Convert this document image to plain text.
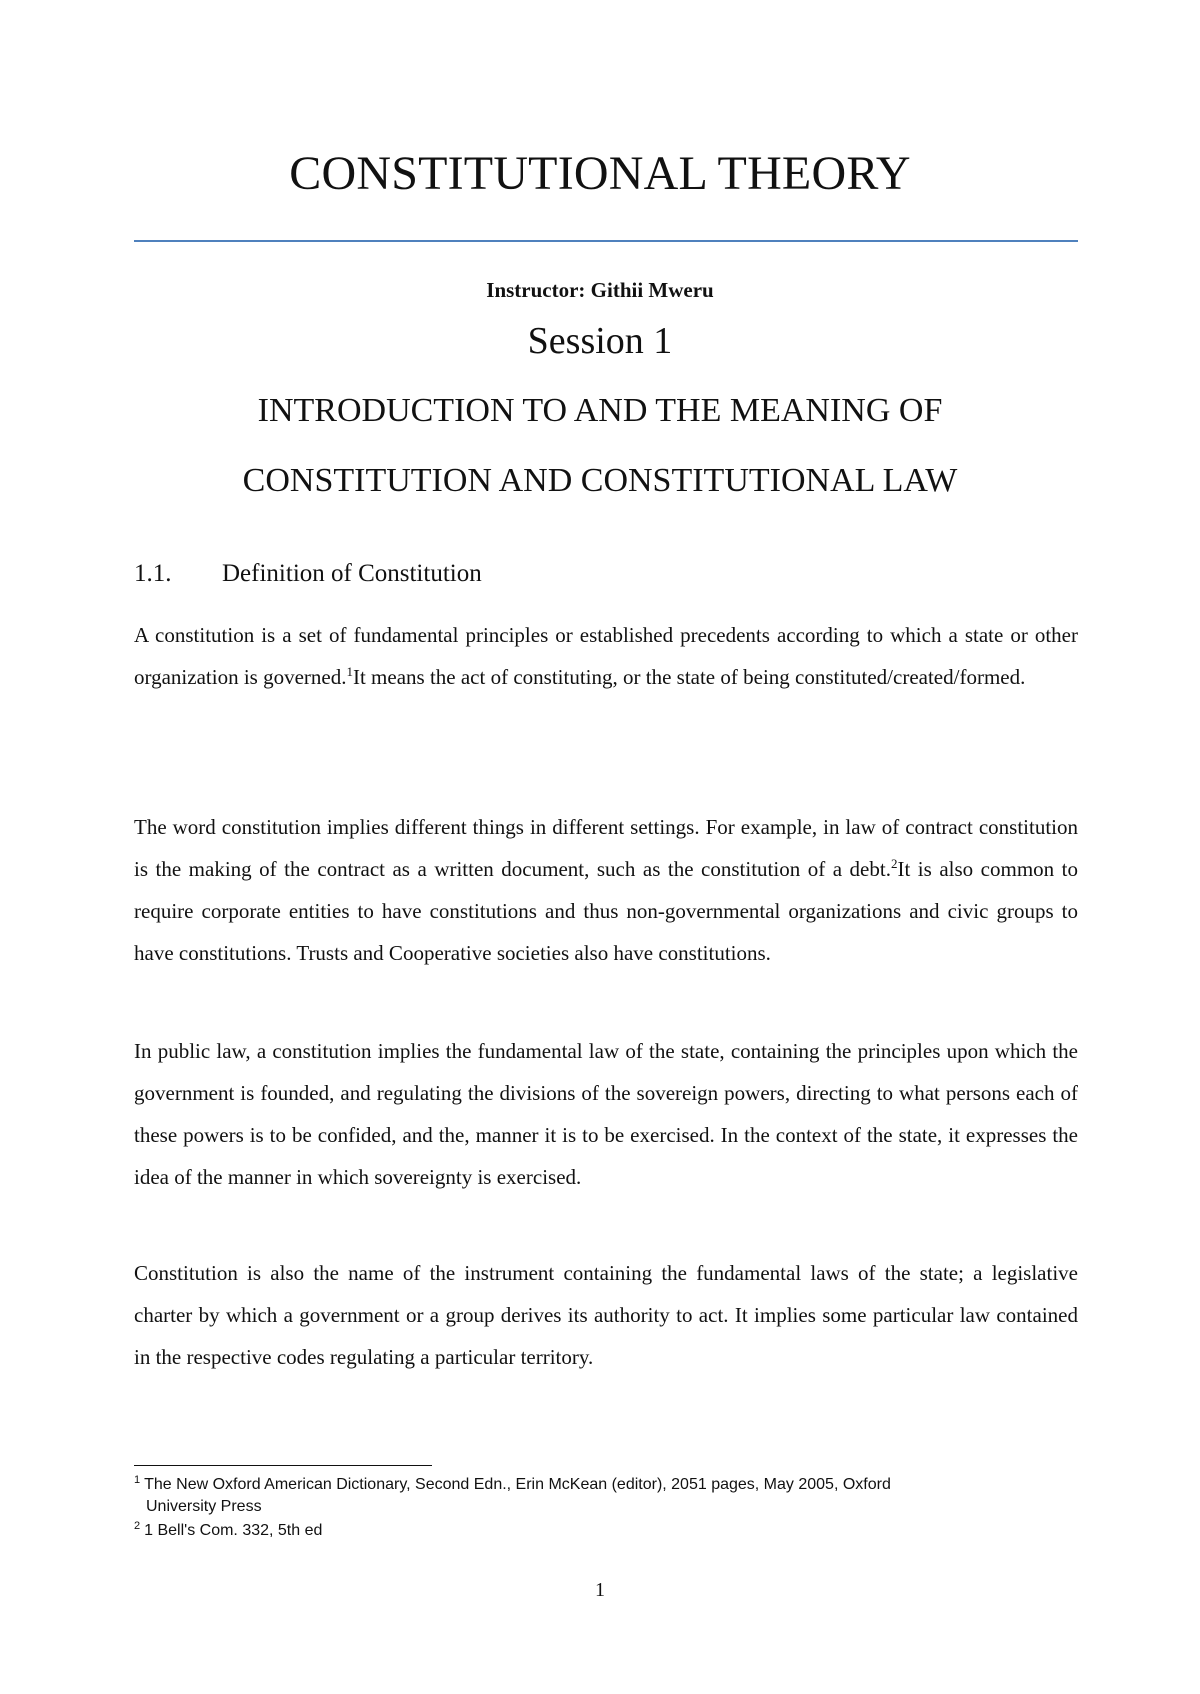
CONSTITUTIONAL THEORY
Instructor: Githii Mweru
Session 1
INTRODUCTION TO AND THE MEANING OF
CONSTITUTION AND CONSTITUTIONAL LAW
1.1. Definition of Constitution
A constitution is a set of fundamental principles or established precedents according to which a state or other organization is governed.$^1$It means the act of constituting, or the state of being constituted/created/formed.
The word constitution implies different things in different settings. For example, in law of contract constitution is the making of the contract as a written document, such as the constitution of a debt.$^2$It is also common to require corporate entities to have constitutions and thus non-governmental organizations and civic groups to have constitutions. Trusts and Cooperative societies also have constitutions.
In public law, a constitution implies the fundamental law of the state, containing the principles upon which the government is founded, and regulating the divisions of the sovereign powers, directing to what persons each of these powers is to be confided, and the, manner it is to be exercised. In the context of the state, it expresses the idea of the manner in which sovereignty is exercised.
Constitution is also the name of the instrument containing the fundamental laws of the state; a legislative charter by which a government or a group derives its authority to act. It implies some particular law contained in the respective codes regulating a particular territory.
$^1$ The New Oxford American Dictionary, Second Edn., Erin McKean (editor), 2051 pages, May 2005, Oxford
University Press
$^2$ 1 Bell's Com. 332, 5th ed
1
